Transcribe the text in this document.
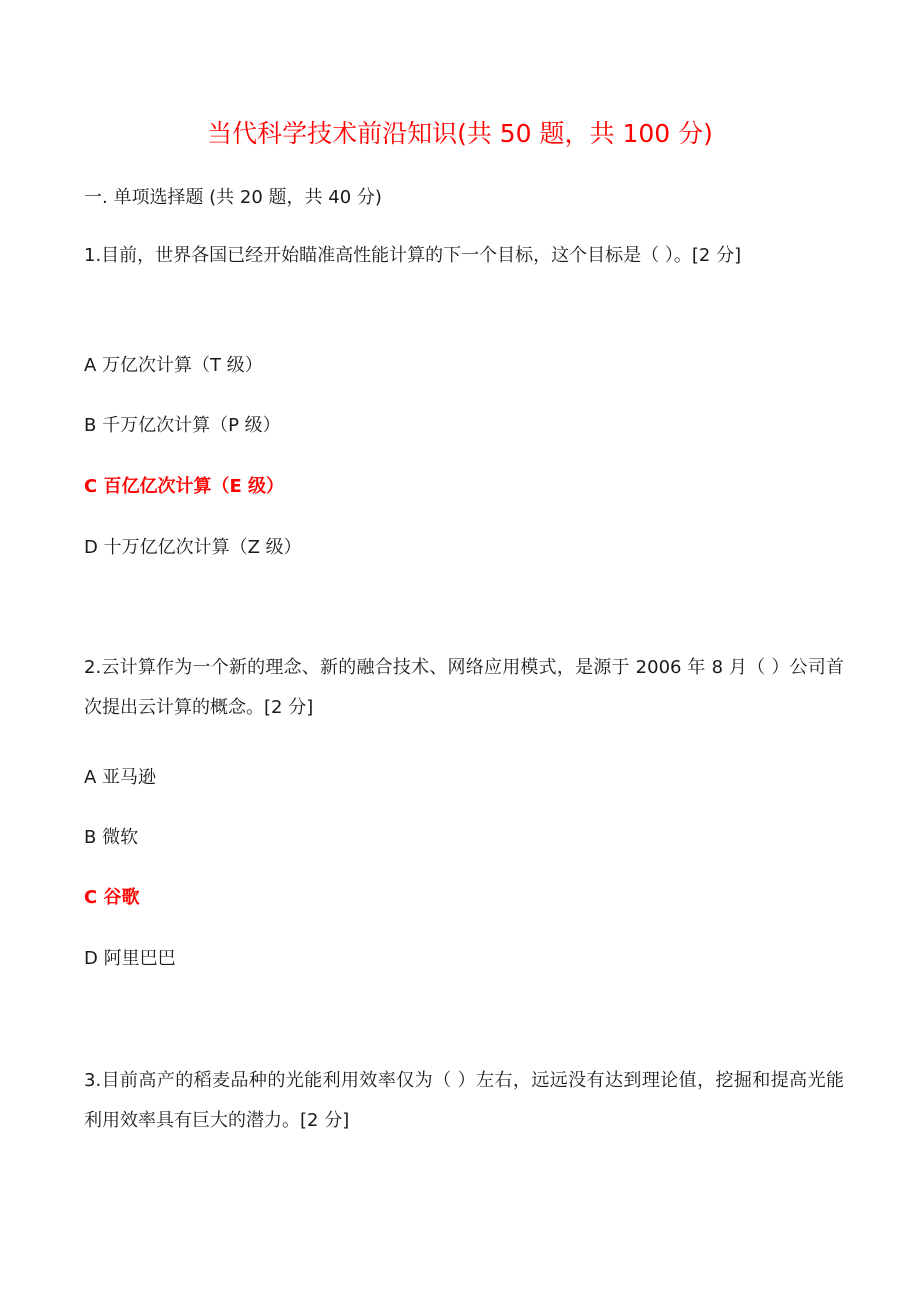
当代科学技术前沿知识(共 50 题，共 100 分)

一. 单项选择题 (共 20 题，共 40 分)

1.目前，世界各国已经开始瞄准高性能计算的下一个目标，这个目标是（ ）。[2 分]

A 万亿次计算（T 级）

B 千万亿次计算（P 级）

C 百亿亿次计算（E 级）

D 十万亿亿次计算（Z 级）

2.云计算作为一个新的理念、新的融合技术、网络应用模式，是源于 2006 年 8 月（ ）公司首次提出云计算的概念。[2 分]

A 亚马逊

B 微软

C 谷歌

D 阿里巴巴

3.目前高产的稻麦品种的光能利用效率仅为（ ）左右，远远没有达到理论值，挖掘和提高光能利用效率具有巨大的潜力。[2 分]
